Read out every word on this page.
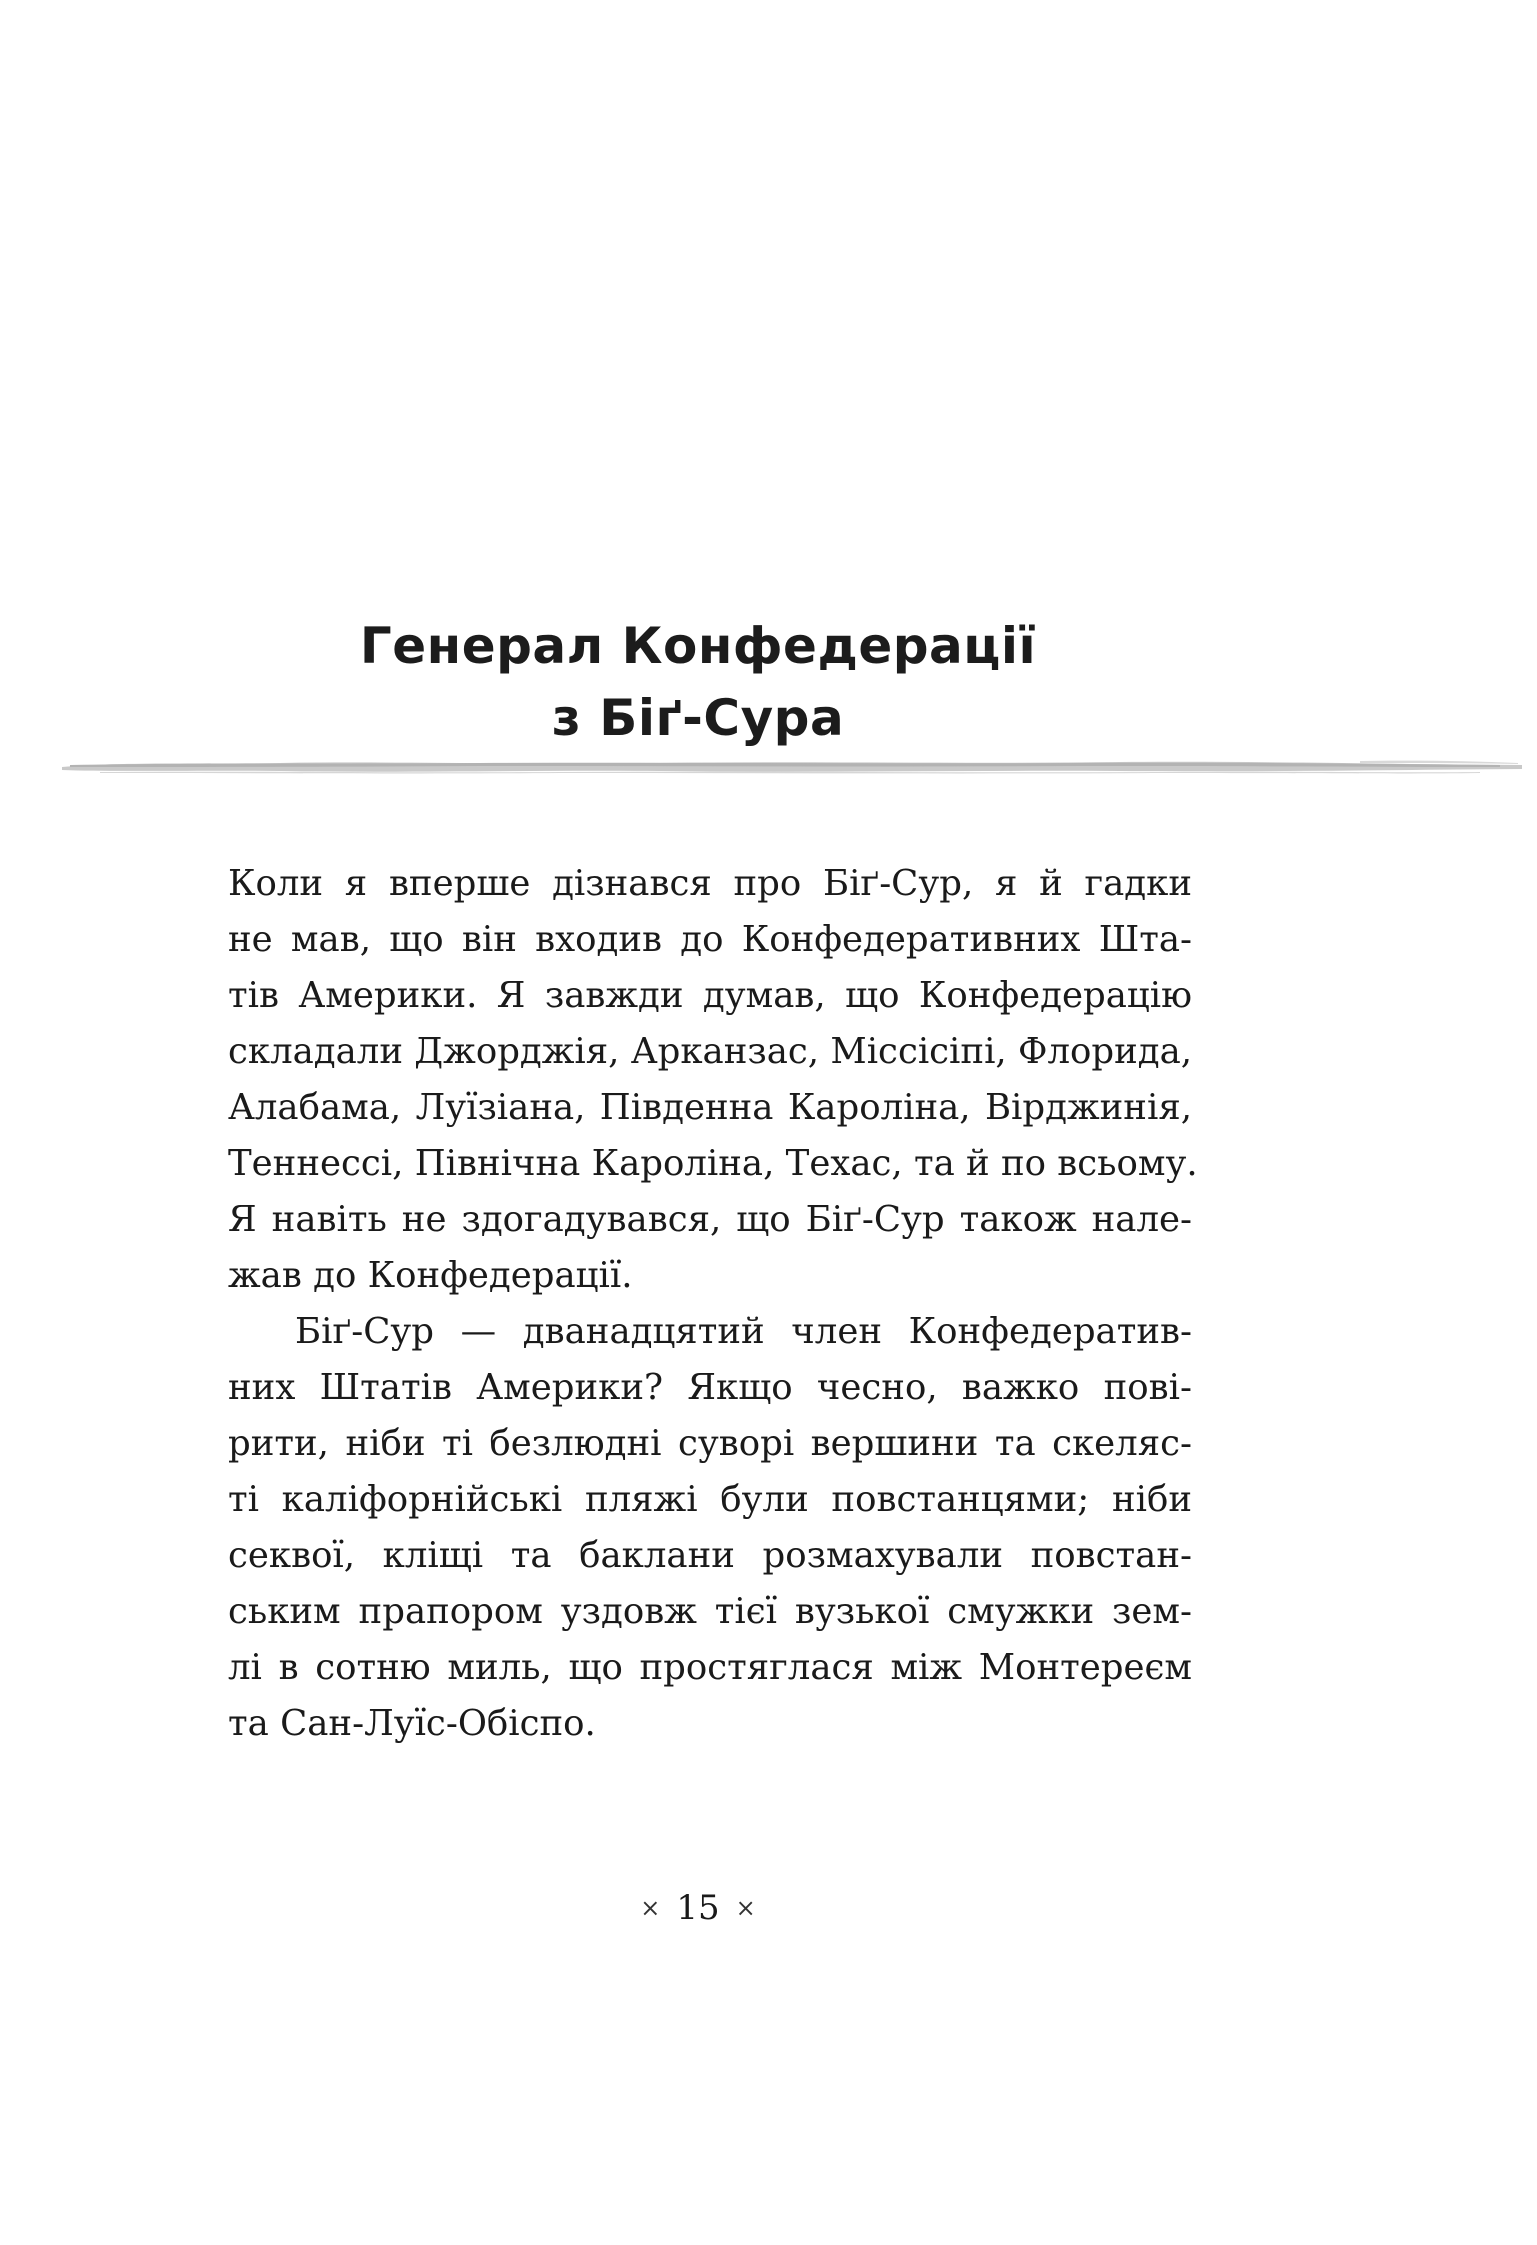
Генерал Конфедерації
з Біґ-Сура
Коли я вперше дізнався про Біґ-Сур, я й гадки
не мав, що він входив до Конфедеративних Шта-
тів Америки. Я завжди думав, що Конфедерацію
складали Джорджія, Арканзас, Міссісіпі, Флорида,
Алабама, Луїзіана, Південна Кароліна, Вірджинія,
Теннессі, Північна Кароліна, Техас, та й по всьому.
Я навіть не здогадувався, що Біґ-Сур також нале-
жав до Конфедерації.
Біґ-Сур — дванадцятий член Конфедератив-
них Штатів Америки? Якщо чесно, важко пові-
рити, ніби ті безлюдні суворі вершини та скеляс-
ті каліфорнійські пляжі були повстанцями; ніби
секвої, кліщі та баклани розмахували повстан-
ським прапором уздовж тієї вузької смужки зем-
лі в сотню миль, що простяглася між Монтереєм
та Сан-Луїс-Обіспо.
× 15 ×
